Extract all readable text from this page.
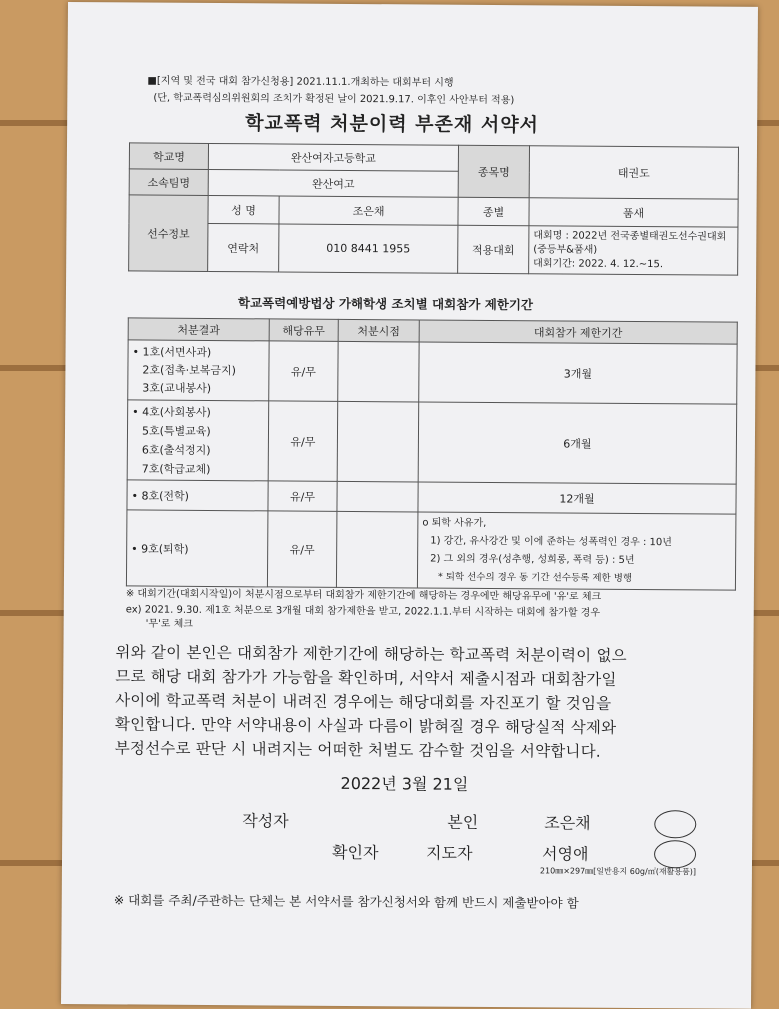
■[지역 및 전국 대회 참가신청용] 2021.11.1.개최하는 대회부터 시행
(단, 학교폭력심의위원회의 조치가 확정된 날이 2021.9.17. 이후인 사안부터 적용)
학교폭력 처분이력 부존재 서약서
학교명	완산여자고등학교		종목명	태권도
소속팀명	완산여고			
선수정보	성 명	조은채	종별	품새
	연락처	010 8441 1955	적용대회	대회명 : 2022년 전국종별태권도선수권대회(중등부&품새)
대회기간: 2022. 4. 12.~15.
학교폭력예방법상 가해학생 조치별 대회참가 제한기간
처분결과	해당유무	처분시점	대회참가 제한기간

• 1호(서면사과)
2호(접촉·보복금지)
3호(교내봉사)	유/무		3개월

• 4호(사회봉사)
5호(특별교육)
6호(출석정지)
7호(학급교체)	유/무		6개월
• 8호(전학)	유/무		12개월
• 9호(퇴학)	유/무		o 퇴학 사유가,
1) 강간, 유사강간 및 이에 준하는 성폭력인 경우 : 10년
2) 그 외의 경우(성추행, 성희롱, 폭력 등) : 5년
* 퇴학 선수의 경우 동 기간 선수등록 제한 병행
※ 대회기간(대회시작일)이 처분시점으로부터 대회참가 제한기간에 해당하는 경우에만 해당유무에 '유'로 체크
ex) 2021. 9.30. 제1호 처분으로 3개월 대회 참가제한을 받고, 2022.1.1.부터 시작하는 대회에 참가할 경우
'무'로 체크
위와 같이 본인은 대회참가 제한기간에 해당하는 학교폭력 처분이력이 없으
므로 해당 대회 참가가 가능함을 확인하며, 서약서 제출시점과 대회참가일
사이에 학교폭력 처분이 내려진 경우에는 해당대회를 자진포기 할 것임을
확인합니다. 만약 서약내용이 사실과 다름이 밝혀질 경우 해당실적 삭제와
부정선수로 판단 시 내려지는 어떠한 처벌도 감수할 것임을 서약합니다.
2022년 3월 21일
작성자	본인	조은채
확인자	지도자	서영애
210㎜×297㎜[일반용지 60g/㎡(재활용품)]
※ 대회를 주최/주관하는 단체는 본 서약서를 참가신청서와 함께 반드시 제출받아야 함
